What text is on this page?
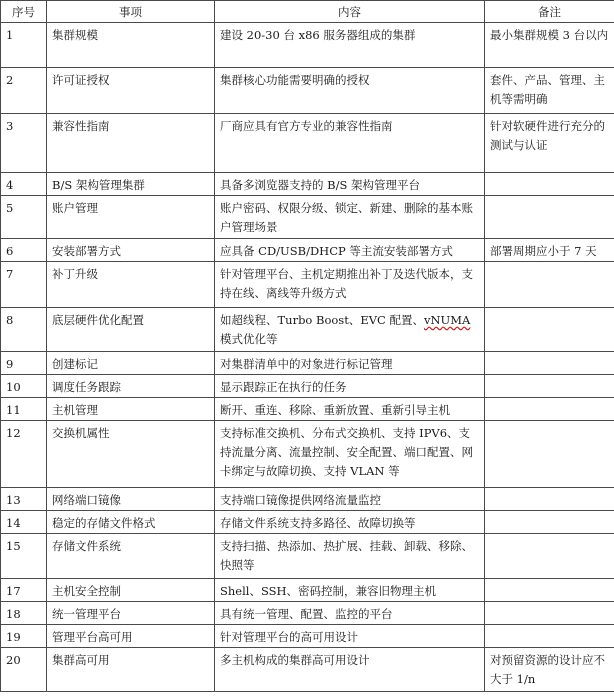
序号	事项	内容	备注
1	集群规模	建设 20-30 台 x86 服务器组成的集群	最小集群规模 3 台以内
2	许可证授权	集群核心功能需要明确的授权	套件、产品、管理、主机等需明确
3	兼容性指南	厂商应具有官方专业的兼容性指南	针对软硬件进行充分的测试与认证
4	B/S 架构管理集群	具备多浏览器支持的 B/S 架构管理平台	
5	账户管理	账户密码、权限分级、锁定、新建、删除的基本账户管理场景	
6	安装部署方式	应具备 CD/USB/DHCP 等主流安装部署方式	部署周期应小于 7 天
7	补丁升级	针对管理平台、主机定期推出补丁及迭代版本，支持在线、离线等升级方式	
8	底层硬件优化配置	如超线程、Turbo Boost、EVC 配置、vNUMA 模式优化等	
9	创建标记	对集群清单中的对象进行标记管理	
10	调度任务跟踪	显示跟踪正在执行的任务	
11	主机管理	断开、重连、移除、重新放置、重新引导主机	
12	交换机属性	支持标准交换机、分布式交换机、支持 IPV6、支持流量分离、流量控制、安全配置、端口配置、网卡绑定与故障切换、支持 VLAN 等	
13	网络端口镜像	支持端口镜像提供网络流量监控	
14	稳定的存储文件格式	存储文件系统支持多路径、故障切换等	
15	存储文件系统	支持扫描、热添加、热扩展、挂载、卸载、移除、快照等	
17	主机安全控制	Shell、SSH、密码控制，兼容旧物理主机	
18	统一管理平台	具有统一管理、配置、监控的平台	
19	管理平台高可用	针对管理平台的高可用设计	
20	集群高可用	多主机构成的集群高可用设计	对预留资源的设计应不大于 1/n
